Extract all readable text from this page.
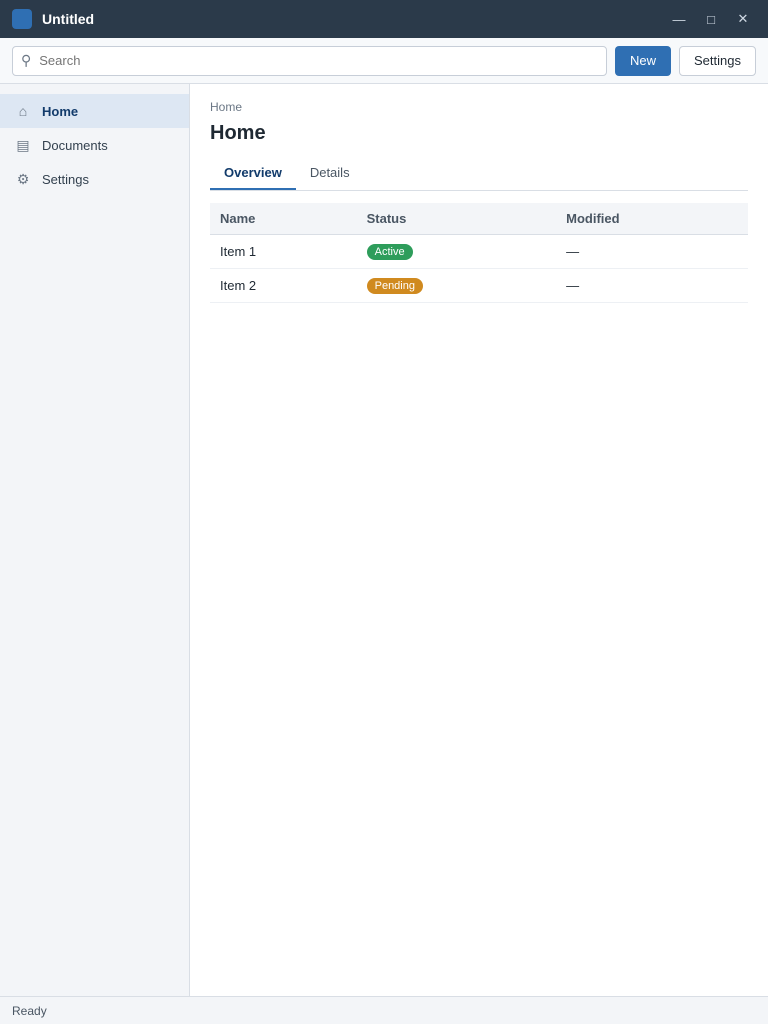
Untitled	—	□	✕
⚲
Search	New	Settings
⌂	Home
▤ Documents
⚙ Settings
Home
Home
Overview	Details
Name	Status	Modified
Item 1	Active	—
Item 2	Pending	—
Ready
